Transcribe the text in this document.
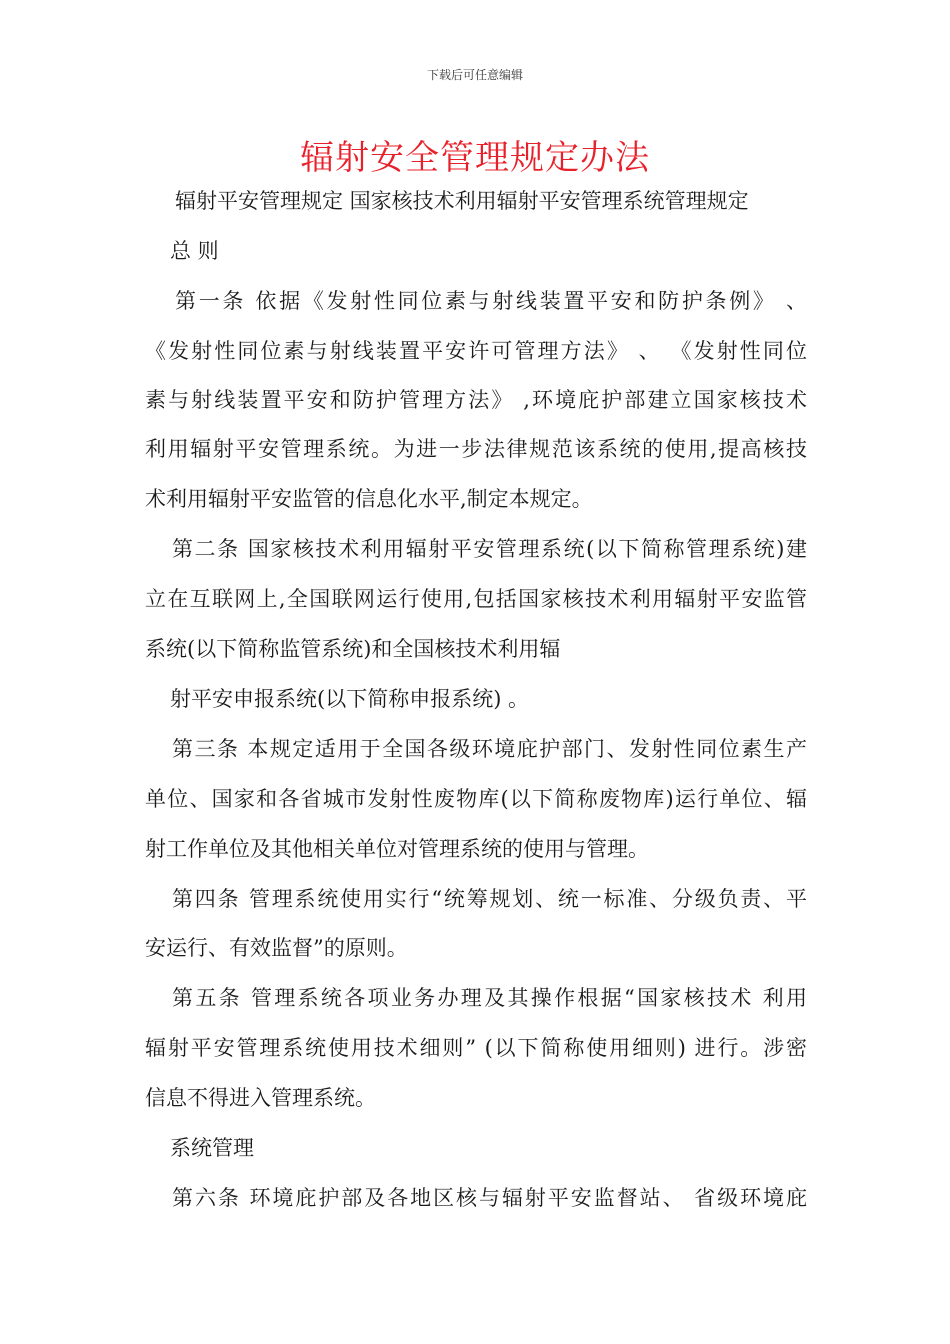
下载后可任意编辑
辐射安全管理规定办法
辐射平安管理规定 国家核技术利用辐射平安管理系统管理规定
总 则
第一条 依据《发射性同位素与射线装置平安和防护条例》 、
《发射性同位素与射线装置平安许可管理方法》 、 《发射性同位
素与射线装置平安和防护管理方法》 ,环境庇护部建立国家核技术
利用辐射平安管理系统。为进一步法律规范该系统的使用,提高核技
术利用辐射平安监管的信息化水平,制定本规定。
第二条 国家核技术利用辐射平安管理系统(以下简称管理系统)建
立在互联网上,全国联网运行使用,包括国家核技术利用辐射平安监管
系统(以下简称监管系统)和全国核技术利用辐
射平安申报系统(以下简称申报系统) 。
第三条 本规定适用于全国各级环境庇护部门、发射性同位素生产
单位、国家和各省城市发射性废物库(以下简称废物库)运行单位、辐
射工作单位及其他相关单位对管理系统的使用与管理。
第四条 管理系统使用实行“统筹规划、统一标准、分级负责、平
安运行、有效监督”的原则。
第五条 管理系统各项业务办理及其操作根据“国家核技术 利用
辐射平安管理系统使用技术细则” (以下简称使用细则) 进行。涉密
信息不得进入管理系统。
系统管理
第六条 环境庇护部及各地区核与辐射平安监督站、 省级环境庇
